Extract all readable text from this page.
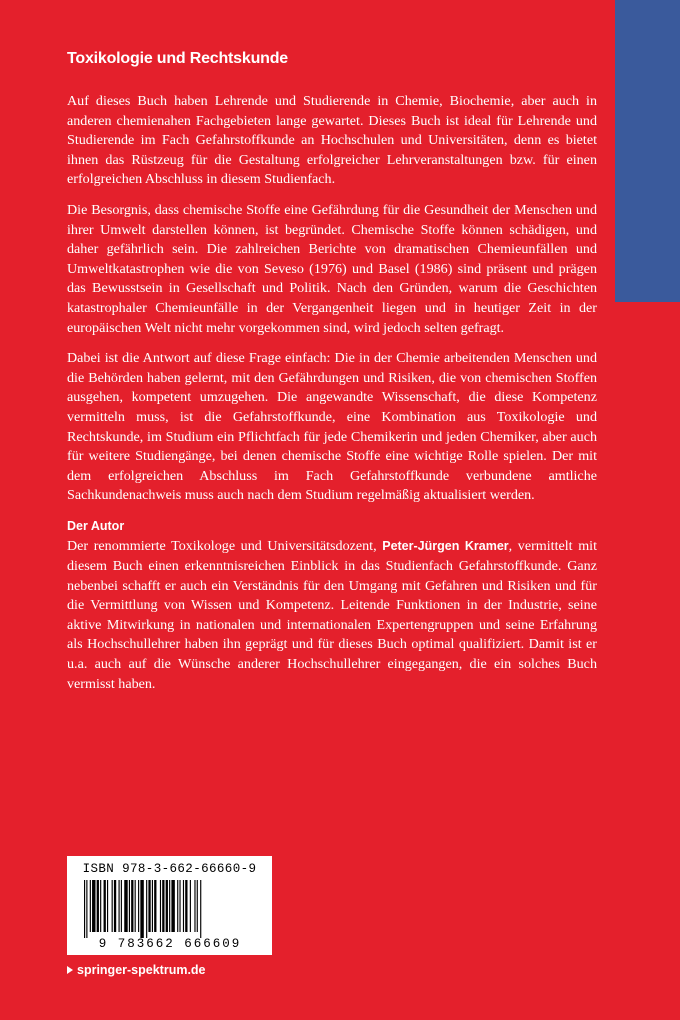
Toxikologie und Rechtskunde

Auf dieses Buch haben Lehrende und Studierende in Chemie, Biochemie, aber auch in anderen chemienahen Fachgebieten lange gewartet. Dieses Buch ist ideal für Lehrende und Studierende im Fach Gefahrstoffkunde an Hochschulen und Universitäten, denn es bietet ihnen das Rüstzeug für die Gestaltung erfolgreicher Lehrveranstaltungen bzw. für einen erfolgreichen Abschluss in diesem Studienfach.

Die Besorgnis, dass chemische Stoffe eine Gefährdung für die Gesundheit der Menschen und ihrer Umwelt darstellen können, ist begründet. Chemische Stoffe können schädigen, und daher gefährlich sein. Die zahlreichen Berichte von dramatischen Chemieunfällen und Umweltkatastrophen wie die von Seveso (1976) und Basel (1986) sind präsent und prägen das Bewusstsein in Gesellschaft und Politik. Nach den Gründen, warum die Geschichten katastrophaler Chemieunfälle in der Vergangenheit liegen und in heutiger Zeit in der europäischen Welt nicht mehr vorgekommen sind, wird jedoch selten gefragt.

Dabei ist die Antwort auf diese Frage einfach: Die in der Chemie arbeitenden Menschen und die Behörden haben gelernt, mit den Gefährdungen und Risiken, die von chemischen Stoffen ausgehen, kompetent umzugehen. Die angewandte Wissenschaft, die diese Kompetenz vermitteln muss, ist die Gefahrstoffkunde, eine Kombination aus Toxikologie und Rechtskunde, im Studium ein Pflichtfach für jede Chemikerin und jeden Chemiker, aber auch für weitere Studiengänge, bei denen chemische Stoffe eine wichtige Rolle spielen. Der mit dem erfolgreichen Abschluss im Fach Gefahrstoffkunde verbundene amtliche Sachkundenachweis muss auch nach dem Studium regelmäßig aktualisiert werden.

Der Autor

Der renommierte Toxikologe und Universitätsdozent, Peter-Jürgen Kramer, vermittelt mit diesem Buch einen erkenntnisreichen Einblick in das Studienfach Gefahrstoffkunde. Ganz nebenbei schafft er auch ein Verständnis für den Umgang mit Gefahren und Risiken und für die Vermittlung von Wissen und Kompetenz. Leitende Funktionen in der Industrie, seine aktive Mitwirkung in nationalen und internationalen Expertengruppen und seine Erfahrung als Hochschullehrer haben ihn geprägt und für dieses Buch optimal qualifiziert. Damit ist er u.a. auch auf die Wünsche anderer Hochschullehrer eingegangen, die ein solches Buch vermisst haben.

ISBN 978-3-662-66660-9
9 783662 666609
springer-spektrum.de
